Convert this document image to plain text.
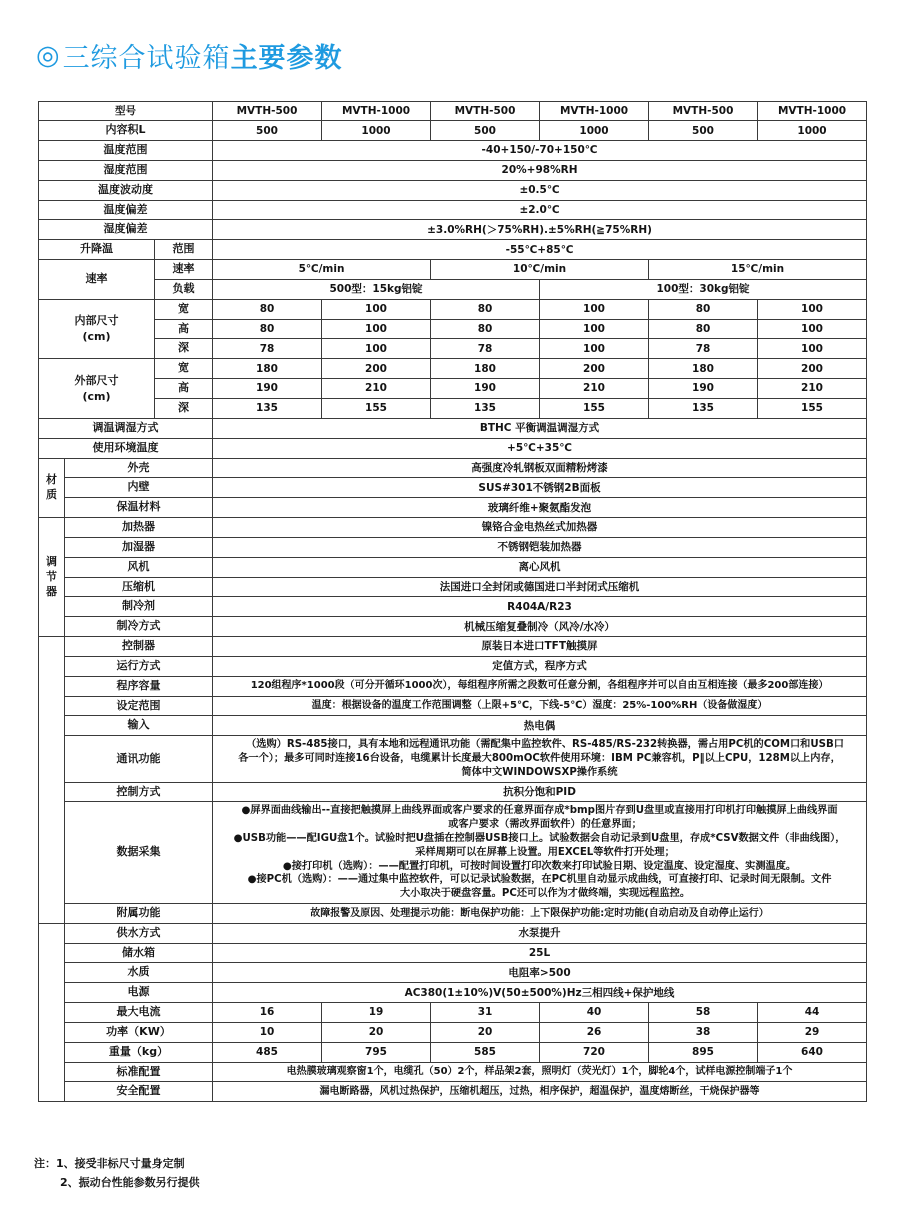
◎ 三综合试验箱 主要参数
型号			MVTH-500	MVTH-1000	MVTH-500	MVTH-1000	MVTH-500	MVTH-1000
内容积L			500	1000	500	1000	500	1000
温度范围			-40+150/-70+150℃					
湿度范围			20%+98%RH					
温度波动度			±0.5℃					
温度偏差			±2.0℃					
湿度偏差			±3.0%RH(＞75%RH).±5%RH(≧75%RH)					
升降温		范围	-55℃+85℃					
速率		速率	5℃/min		10℃/min		15℃/min	
		负载	500型：15kg铝锭			100型：30kg铝锭		

内部尺寸
(cm)		宽	80	100	80	100	80	100
		高	80	100	80	100	80	100
		深	78	100	78	100	78	100

外部尺寸
(cm)		宽	180	200	180	200	180	200
		高	190	210	190	210	190	210
		深	135	155	135	155	135	155
调温调湿方式			BTHC 平衡调温调湿方式					
使用环境温度			+5℃+35℃					
材质	外壳		高强度冷轧钢板双面精粉烤漆					
	内壁		SUS#301不锈钢2B面板					
	保温材料		玻璃纤维+聚氨酯发泡					
调节器	加热器		镍铬合金电热丝式加热器					
	加湿器		不锈钢铠装加热器					
	风机		离心风机					
	压缩机		法国进口全封闭或德国进口半封闭式压缩机					
	制冷剂		R404A/R23					
	制冷方式		机械压缩复叠制冷（风冷/水冷）					
	控制器		原装日本进口TFT触摸屏					
	运行方式		定值方式，程序方式					
	程序容量		120组程序*1000段（可分开循环1000次），每组程序所需之段数可任意分割，各组程序并可以自由互相连接（最多200部连接）					
	设定范围		温度：根据设备的温度工作范围调整（上限+5℃，下线-5℃）湿度：25%-100%RH（设备做湿度）					
	输入		热电偶					
	通讯功能		（选购）RS-485接口，具有本地和远程通讯功能（需配集中监控软件、RS-485/RS-232转换器，需占用PC机的COM口和USB口
各一个）；最多可同时连接16台设备，电缆累计长度最大800mOC软件使用环境：IBM PC兼容机，P‖以上CPU，128M以上内存，
简体中文WINDOWSXP操作系统					

	控制方式		抗积分饱和PID					
数据采集	
●屏界面曲线输出--直接把触摸屏上曲线界面或客户要求的任意界面存成*bmp图片存到U盘里或直接用打印机打印触摸屏上曲线界面
或客户要求（需改界面软件）的任意界面；
●USB功能——配IGU盘1个。试验时把U盘插在控制器USB接口上。试验数据会自动记录到U盘里，存成*CSV数据文件（非曲线图），
采样周期可以在屏幕上设置。用EXCEL等软件打开处理；
●接打印机（选购）：——配置打印机，可按时间设置打印次数来打印试验日期、设定温度、设定湿度、实测温度。
●接PC机（选购）：——通过集中监控软件，可以记录试验数据，在PC机里自动显示成曲线，可直接打印、记录时间无限制。文件
大小取决于硬盘容量。PC还可以作为才做终端，实现远程监控。

	附属功能		故障报警及原因、处理提示功能：断电保护功能：上下限保护功能:定时功能(自动启动及自动停止运行）					
	供水方式		水泵提升					
	储水箱		25L					
	水质		电阻率>500					
	电源		AC380(1±10%)V(50±500%)Hz三相四线+保护地线					
	最大电流		16	19	31	40	58	44
	功率（KW）		10	20	20	26	38	29
	重量（kg）		485	795	585	720	895	640
	标准配置		电热膜玻璃观察窗1个，电缆孔（50）2个，样品架2套，照明灯（荧光灯）1个，脚轮4个，试样电源控制端子1个					
	安全配置		漏电断路器，风机过热保护，压缩机超压，过热，相序保护，超温保护，温度熔断丝，干烧保护器等					
注：1、接受非标尺寸量身定制
2、振动台性能参数另行提供
